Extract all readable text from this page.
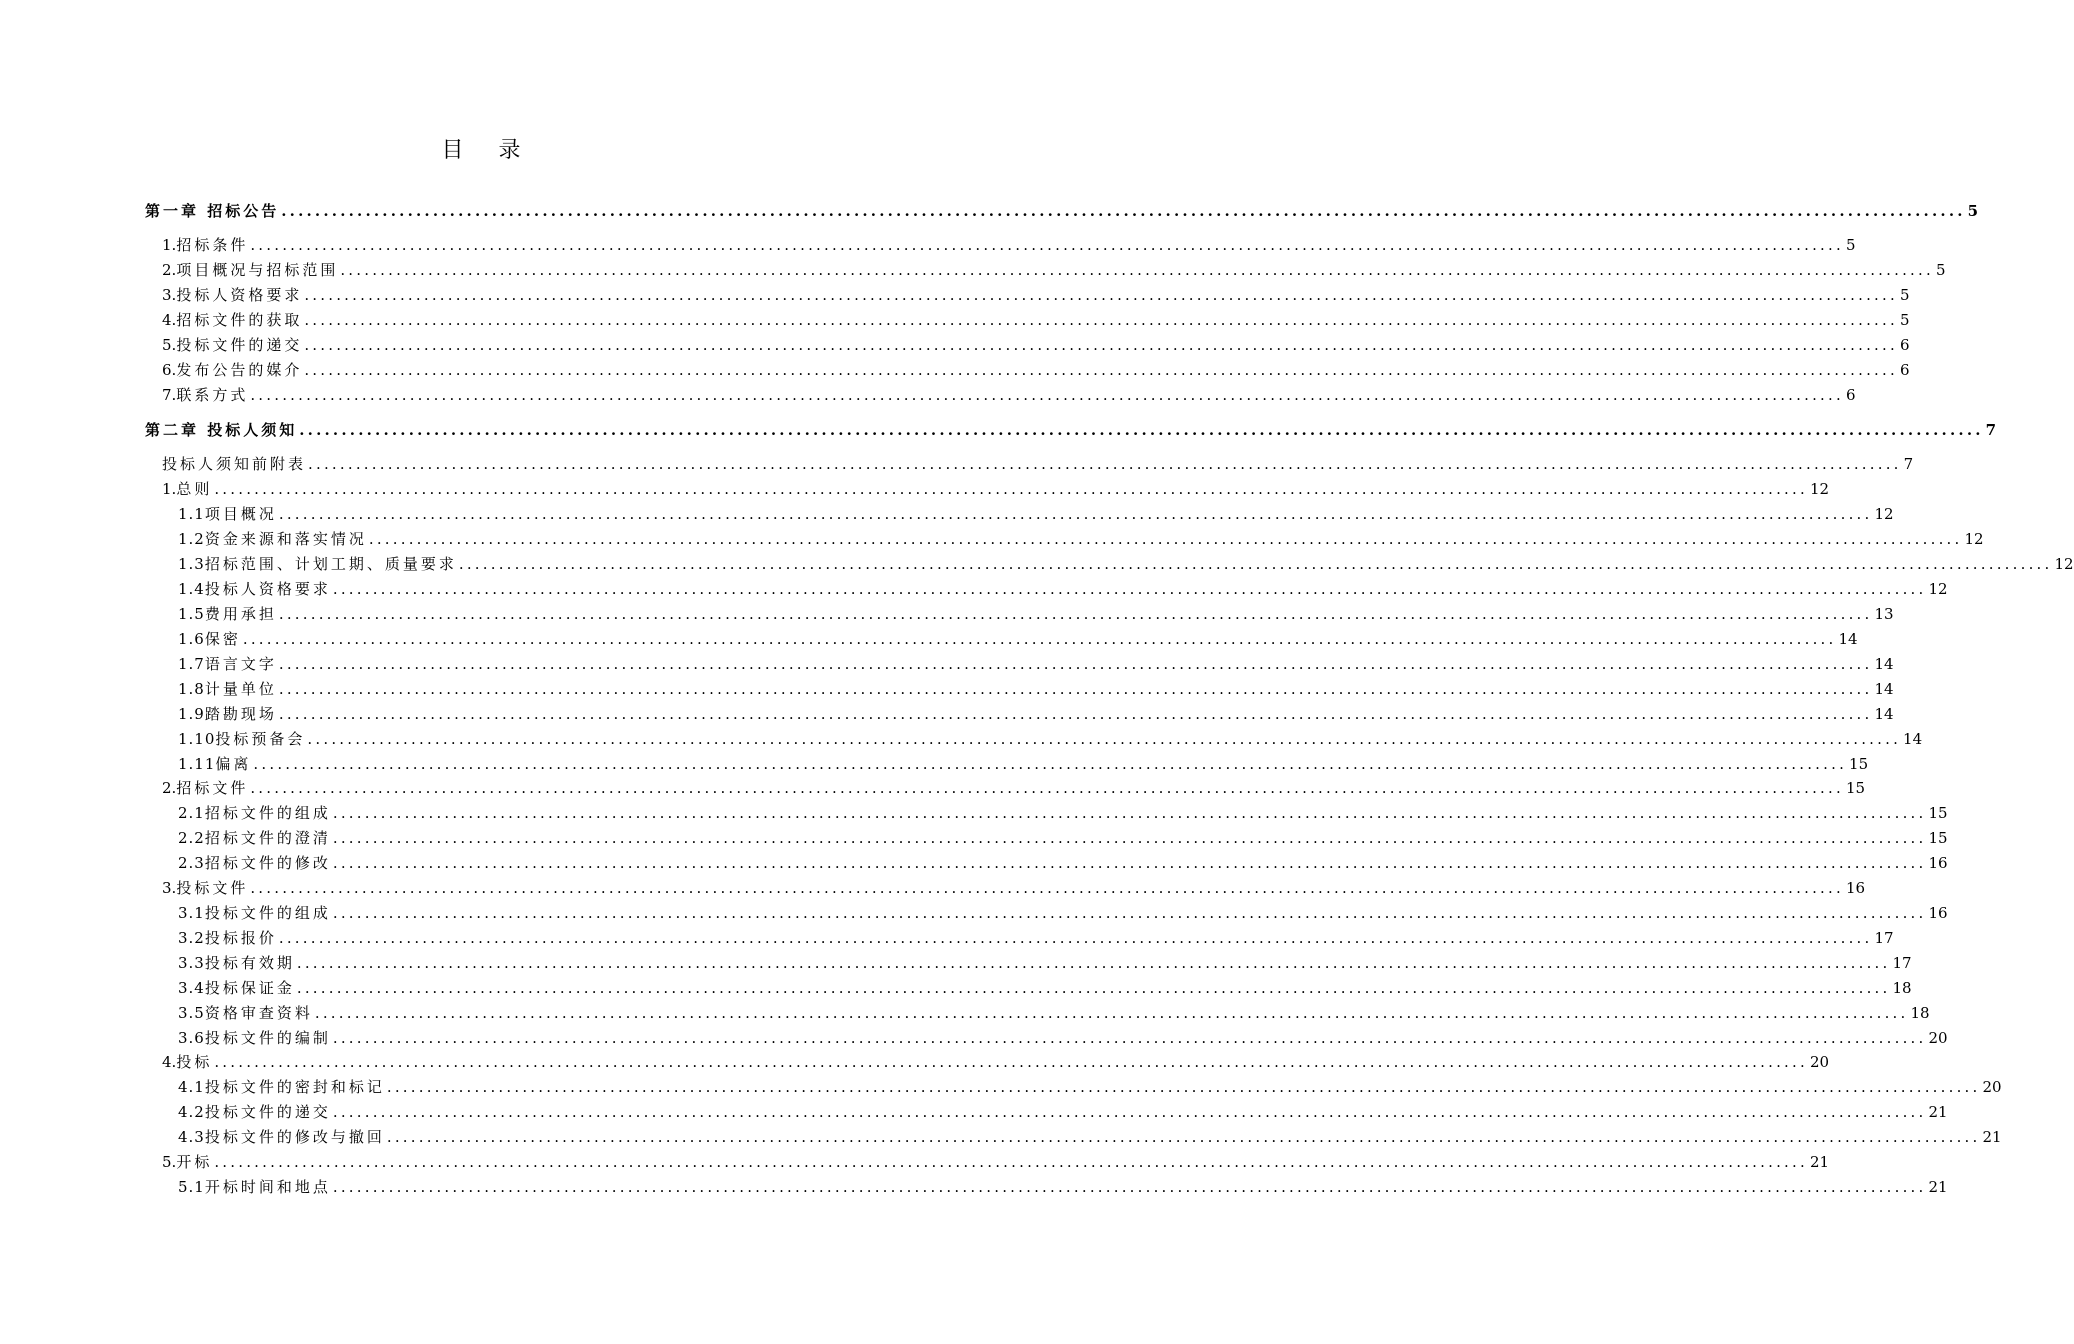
目 录
第一章 招标公告 ........................................................................................................................................................................................................ 5
1. 招标条件 ........................................................................................................................................................................................................ 5
2. 项目概况与招标范围 ........................................................................................................................................................................................................ 5
3. 投标人资格要求 ........................................................................................................................................................................................................ 5
4. 招标文件的获取 ........................................................................................................................................................................................................ 5
5. 投标文件的递交 ........................................................................................................................................................................................................ 6
6. 发布公告的媒介 ........................................................................................................................................................................................................ 6
7. 联系方式 ........................................................................................................................................................................................................ 6
第二章 投标人须知 ........................................................................................................................................................................................................ 7
投标人须知前附表 ........................................................................................................................................................................................................ 7
1. 总则 ........................................................................................................................................................................................................ 12
1.1 项目概况 ........................................................................................................................................................................................................ 12
1.2 资金来源和落实情况 ........................................................................................................................................................................................................ 12
1.3 招标范围、计划工期、质量要求 ........................................................................................................................................................................................................ 12
1.4 投标人资格要求 ........................................................................................................................................................................................................ 12
1.5 费用承担 ........................................................................................................................................................................................................ 13
1.6 保密 ........................................................................................................................................................................................................ 14
1.7 语言文字 ........................................................................................................................................................................................................ 14
1.8 计量单位 ........................................................................................................................................................................................................ 14
1.9 踏勘现场 ........................................................................................................................................................................................................ 14
1.10 投标预备会 ........................................................................................................................................................................................................ 14
1.11 偏离 ........................................................................................................................................................................................................ 15
2. 招标文件 ........................................................................................................................................................................................................ 15
2.1 招标文件的组成 ........................................................................................................................................................................................................ 15
2.2 招标文件的澄清 ........................................................................................................................................................................................................ 15
2.3 招标文件的修改 ........................................................................................................................................................................................................ 16
3. 投标文件 ........................................................................................................................................................................................................ 16
3.1 投标文件的组成 ........................................................................................................................................................................................................ 16
3.2 投标报价 ........................................................................................................................................................................................................ 17
3.3 投标有效期 ........................................................................................................................................................................................................ 17
3.4 投标保证金 ........................................................................................................................................................................................................ 18
3.5 资格审查资料 ........................................................................................................................................................................................................ 18
3.6 投标文件的编制 ........................................................................................................................................................................................................ 20
4. 投标 ........................................................................................................................................................................................................ 20
4.1 投标文件的密封和标记 ........................................................................................................................................................................................................ 20
4.2 投标文件的递交 ........................................................................................................................................................................................................ 21
4.3 投标文件的修改与撤回 ........................................................................................................................................................................................................ 21
5. 开标 ........................................................................................................................................................................................................ 21
5.1 开标时间和地点 ........................................................................................................................................................................................................ 21
